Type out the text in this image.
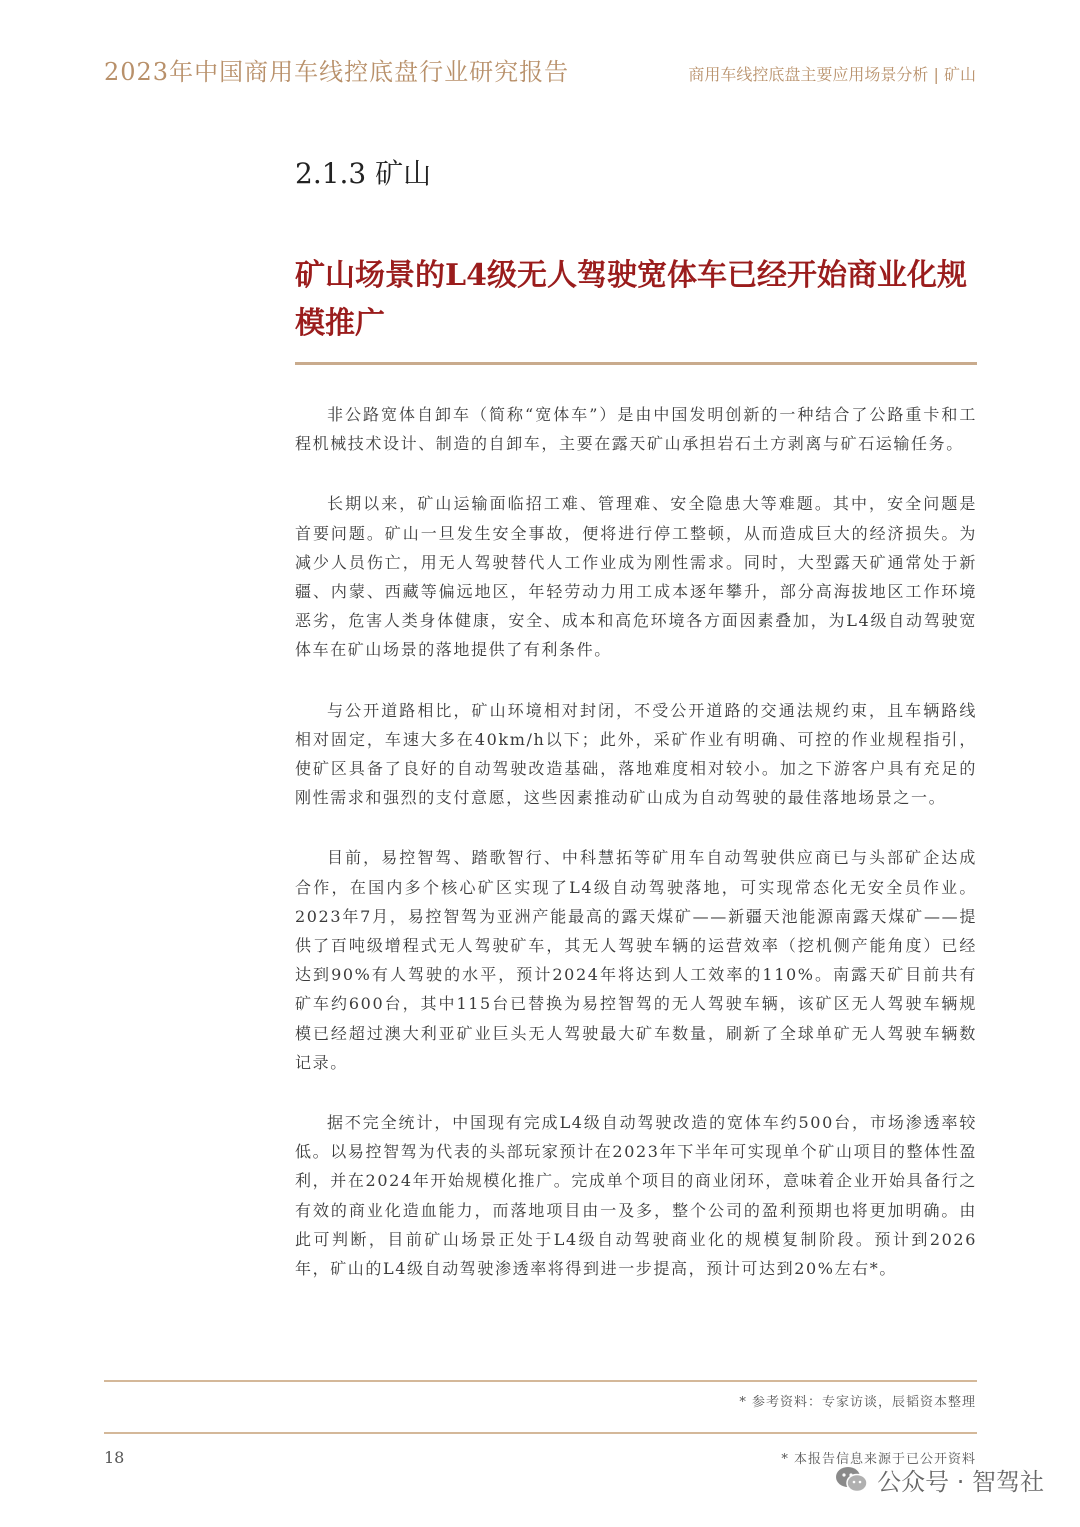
2023年中国商用车线控底盘行业研究报告	商用车线控底盘主要应用场景分析 | 矿山
2.1.3 矿山
矿山场景的L4级无人驾驶宽体车已经开始商业化规模推广

非公路宽体自卸车（简称“宽体车”）是由中国发明创新的一种结合了公路重卡和工程机械技术设计、制造的自卸车，主要在露天矿山承担岩石土方剥离与矿石运输任务。

长期以来，矿山运输面临招工难、管理难、安全隐患大等难题。其中，安全问题是首要问题。矿山一旦发生安全事故，便将进行停工整顿，从而造成巨大的经济损失。为减少人员伤亡，用无人驾驶替代人工作业成为刚性需求。同时，大型露天矿通常处于新疆、内蒙、西藏等偏远地区，年轻劳动力用工成本逐年攀升，部分高海拔地区工作环境恶劣，危害人类身体健康，安全、成本和高危环境各方面因素叠加，为L4级自动驾驶宽体车在矿山场景的落地提供了有利条件。

与公开道路相比，矿山环境相对封闭，不受公开道路的交通法规约束，且车辆路线相对固定，车速大多在40km/h以下；此外，采矿作业有明确、可控的作业规程指引，使矿区具备了良好的自动驾驶改造基础，落地难度相对较小。加之下游客户具有充足的刚性需求和强烈的支付意愿，这些因素推动矿山成为自动驾驶的最佳落地场景之一。

目前，易控智驾、踏歌智行、中科慧拓等矿用车自动驾驶供应商已与头部矿企达成合作，在国内多个核心矿区实现了L4级自动驾驶落地，可实现常态化无安全员作业。2023年7月，易控智驾为亚洲产能最高的露天煤矿——新疆天池能源南露天煤矿——提供了百吨级增程式无人驾驶矿车，其无人驾驶车辆的运营效率（挖机侧产能角度）已经达到90%有人驾驶的水平，预计2024年将达到人工效率的110%。南露天矿目前共有矿车约600台，其中115台已替换为易控智驾的无人驾驶车辆，该矿区无人驾驶车辆规模已经超过澳大利亚矿业巨头无人驾驶最大矿车数量，刷新了全球单矿无人驾驶车辆数记录。

据不完全统计，中国现有完成L4级自动驾驶改造的宽体车约500台，市场渗透率较低。以易控智驾为代表的头部玩家预计在2023年下半年可实现单个矿山项目的整体性盈利，并在2024年开始规模化推广。完成单个项目的商业闭环，意味着企业开始具备行之有效的商业化造血能力，而落地项目由一及多，整个公司的盈利预期也将更加明确。由此可判断，目前矿山场景正处于L4级自动驾驶商业化的规模复制阶段。预计到2026年，矿山的L4级自动驾驶渗透率将得到进一步提高，预计可达到20%左右*。

* 参考资料：专家访谈，辰韬资本整理
18	* 本报告信息来源于已公开资料
公众号 · 智驾社
